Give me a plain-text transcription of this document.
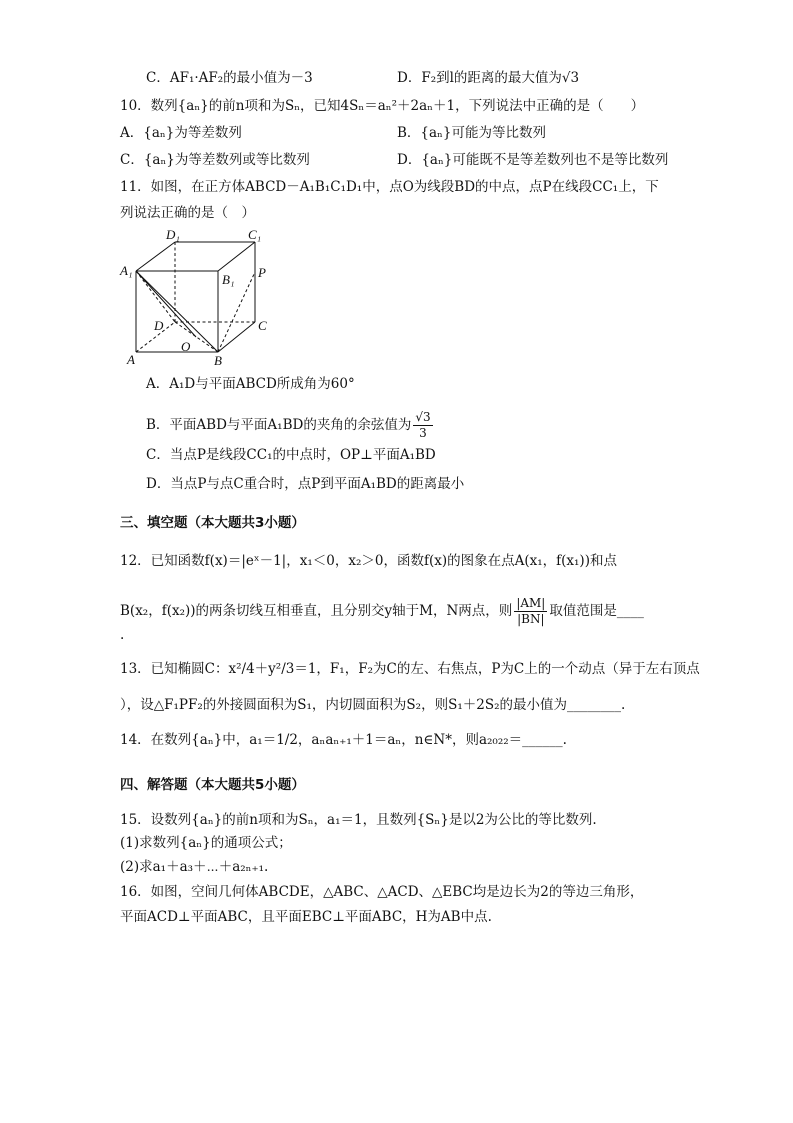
C．AF₁·AF₂的最小值为－3	D．F₂到l的距离的最大值为√3
10．数列{aₙ}的前n项和为Sₙ，已知4Sₙ＝aₙ²＋2aₙ＋1，下列说法中正确的是（　　）
A．{aₙ}为等差数列	B．{aₙ}可能为等比数列
C．{aₙ}为等差数列或等比数列	D．{aₙ}可能既不是等差数列也不是等比数列
11．如图，在正方体ABCD－A₁B₁C₁D₁中，点O为线段BD的中点，点P在线段CC₁上，下
列说法正确的是（　）
D₁	C₁
A₁
B₁ P
D	C
O
A	B
A．A₁D与平面ABCD所成角为60°
B．平面ABD与平面A₁BD的夹角的余弦值为 $\frac{√3}{3}$
C．当点P是线段CC₁的中点时，OP⊥平面A₁BD
D．当点P与点C重合时，点P到平面A₁BD的距离最小
三、填空题（本大题共3小题）
12．已知函数f(x)＝|eˣ－1|，x₁＜0，x₂＞0，函数f(x)的图象在点A(x₁，f(x₁))和点
B(x₂，f(x₂))的两条切线互相垂直，且分别交y轴于M，N两点，则 $\frac{|AM|}{|BN|}$ 取值范围是____
.
13．已知椭圆C：x²/4＋y²/3＝1，F₁，F₂为C的左、右焦点，P为C上的一个动点（异于左右顶点
），设△F₁PF₂的外接圆面积为S₁，内切圆面积为S₂，则S₁＋2S₂的最小值为________.
14．在数列{aₙ}中，a₁＝1/2，aₙaₙ₊₁＋1＝aₙ，n∈N*，则a₂₀₂₂＝______.
四、解答题（本大题共5小题）
15．设数列{aₙ}的前n项和为Sₙ，a₁＝1，且数列{Sₙ}是以2为公比的等比数列.
(1)求数列{aₙ}的通项公式；
(2)求a₁＋a₃＋⋯＋a₂ₙ₊₁.
16．如图，空间几何体ABCDE，△ABC、△ACD、△EBC均是边长为2的等边三角形，
平面ACD⊥平面ABC，且平面EBC⊥平面ABC，H为AB中点.
